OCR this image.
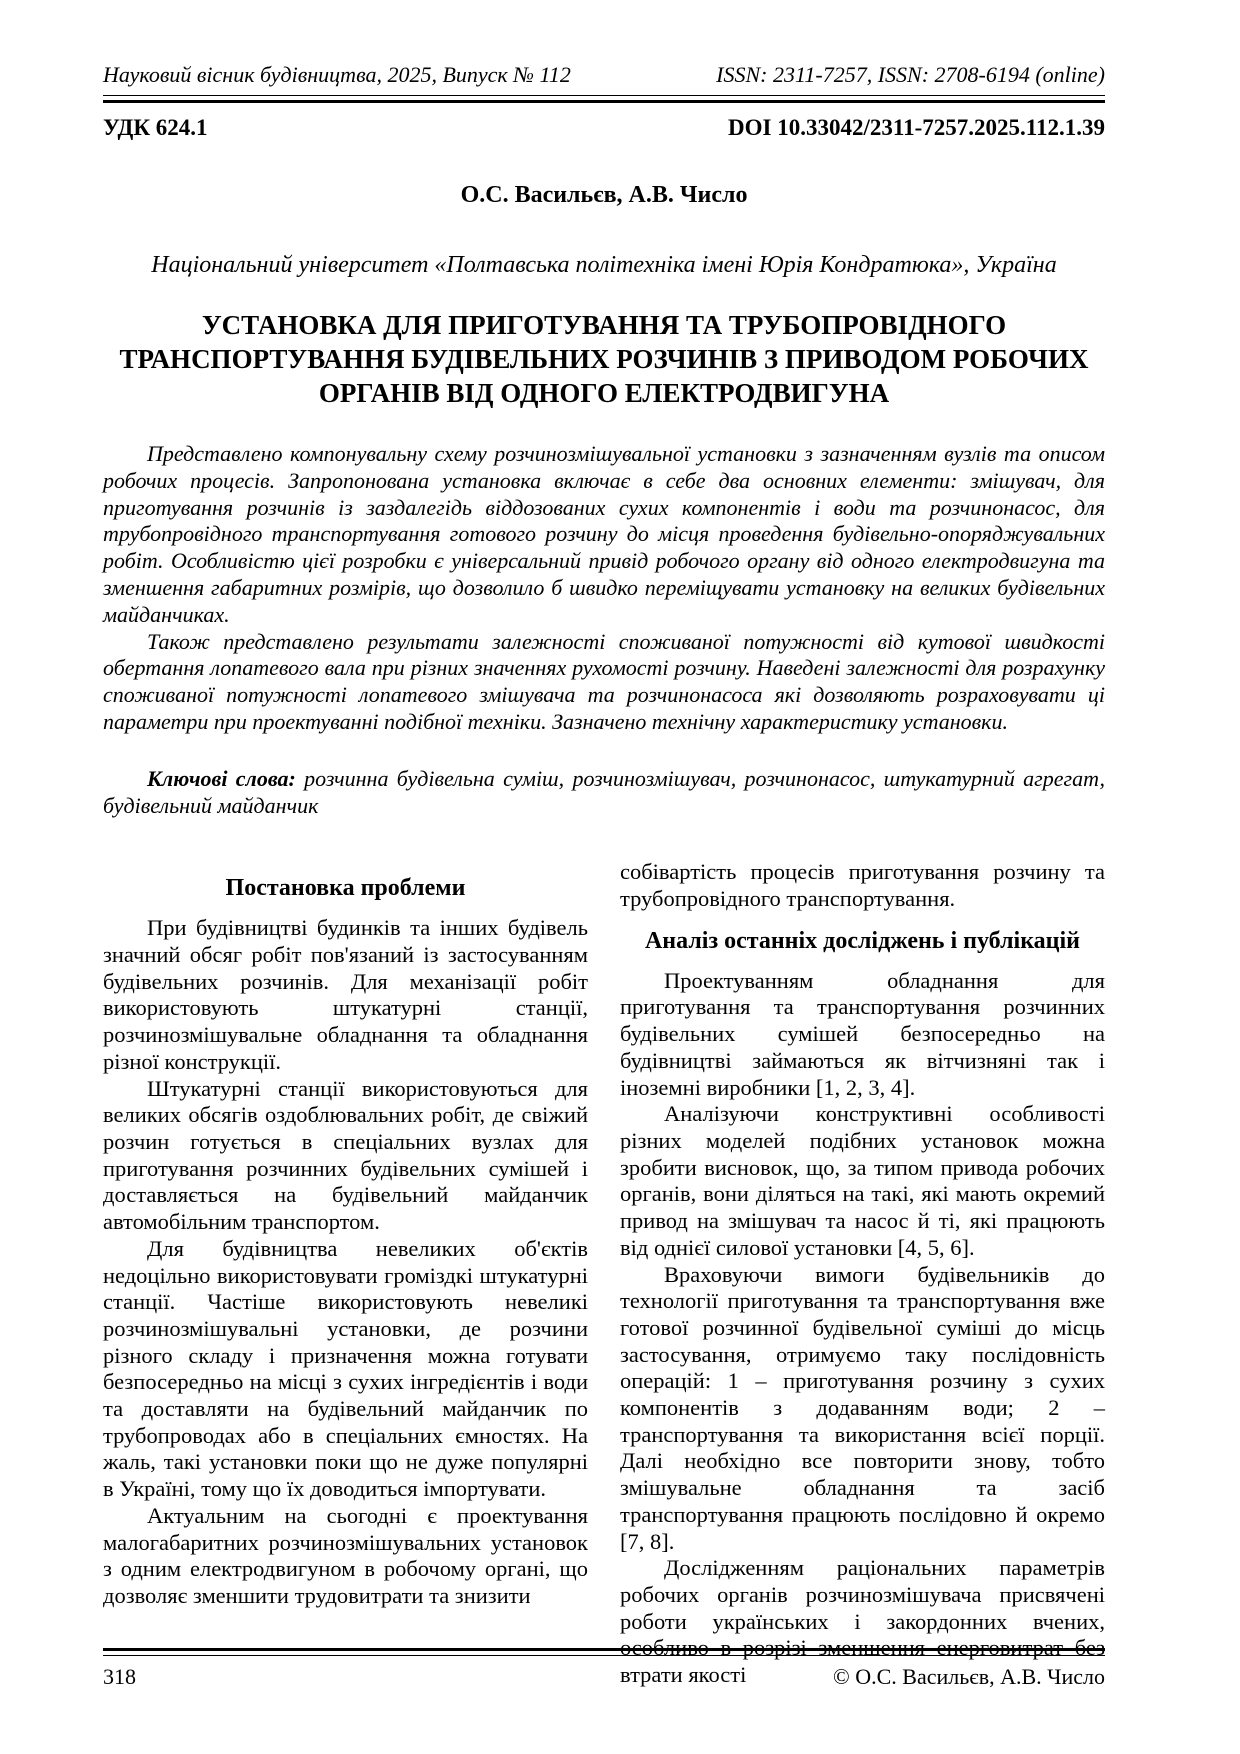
Науковий вісник будівництва, 2025, Випуск № 112	ISSN: 2311-7257, ISSN: 2708-6194 (online)
УДК 624.1	DOI 10.33042/2311-7257.2025.112.1.39
О.С. Васильєв, А.В. Число
Національний університет «Полтавська політехніка імені Юрія Кондратюка», Україна
УСТАНОВКА ДЛЯ ПРИГОТУВАННЯ ТА ТРУБОПРОВІДНОГО
ТРАНСПОРТУВАННЯ БУДІВЕЛЬНИХ РОЗЧИНІВ З ПРИВОДОМ РОБОЧИХ
ОРГАНІВ ВІД ОДНОГО ЕЛЕКТРОДВИГУНА

Представлено компонувальну схему розчинозмішувальної установки з зазначенням вузлів та описом робочих процесів. Запропонована установка включає в себе два основних елементи: змішувач, для приготування розчинів із заздалегідь віддозованих сухих компонентів і води та розчинонасос, для трубопровідного транспортування готового розчину до місця проведення будівельно-опоряджувальних робіт. Особливістю цієї розробки є універсальний привід робочого органу від одного електродвигуна та зменшення габаритних розмірів, що дозволило б швидко переміщувати установку на великих будівельних майданчиках.

Також представлено результати залежності споживаної потужності від кутової швидкості обертання лопатевого вала при різних значеннях рухомості розчину. Наведені залежності для розрахунку споживаної потужності лопатевого змішувача та розчинонасоса які дозволяють розраховувати ці параметри при проектуванні подібної техніки. Зазначено технічну характеристику установки.

Ключові слова: розчинна будівельна суміш, розчинозмішувач, розчинонасос, штукатурний агрегат, будівельний майданчик
Постановка проблеми

При будівництві будинків та інших будівель значний обсяг робіт пов'язаний із застосуванням будівельних розчинів. Для механізації робіт використовують штукатурні станції, розчинозмішувальне обладнання та обладнання різної конструкції.

Штукатурні станції використовуються для великих обсягів оздоблювальних робіт, де свіжий розчин готується в спеціальних вузлах для приготування розчинних будівельних сумішей і доставляється на будівельний майданчик автомобільним транспортом.

Для будівництва невеликих об'єктів недоцільно використовувати громіздкі штукатурні станції. Частіше використовують невеликі розчинозмішувальні установки, де розчини різного складу і призначення можна готувати безпосередньо на місці з сухих інгредієнтів і води та доставляти на будівельний майданчик по трубопроводах або в спеціальних ємностях. На жаль, такі установки поки що не дуже популярні в Україні, тому що їх доводиться імпортувати.

Актуальним на сьогодні є проектування малогабаритних розчинозмішувальних установок з одним електродвигуном в робочому органі, що дозволяє зменшити трудовитрати та знизити

собівартість процесів приготування розчину та трубопровідного транспортування.

Аналіз останніх досліджень і публікацій

Проектуванням обладнання для приготування та транспортування розчинних будівельних сумішей безпосередньо на будівництві займаються як вітчизняні так і іноземні виробники [1, 2, 3, 4].

Аналізуючи конструктивні особливості різних моделей подібних установок можна зробити висновок, що, за типом привода робочих органів, вони діляться на такі, які мають окремий привод на змішувач та насос й ті, які працюють від однієї силової установки [4, 5, 6].

Враховуючи вимоги будівельників до технології приготування та транспортування вже готової розчинної будівельної суміші до місць застосування, отримуємо таку послідовність операцій: 1 – приготування розчину з сухих компонентів з додаванням води; 2 – транспортування та використання всієї порції. Далі необхідно все повторити знову, тобто змішувальне обладнання та засіб транспортування працюють послідовно й окремо [7, 8].

Дослідженням раціональних параметрів робочих органів розчинозмішувача присвячені роботи українських і закордонних вчених, особливо в розрізі зменшення енерговитрат без втрати якості

318	© О.С. Васильєв, А.В. Число
